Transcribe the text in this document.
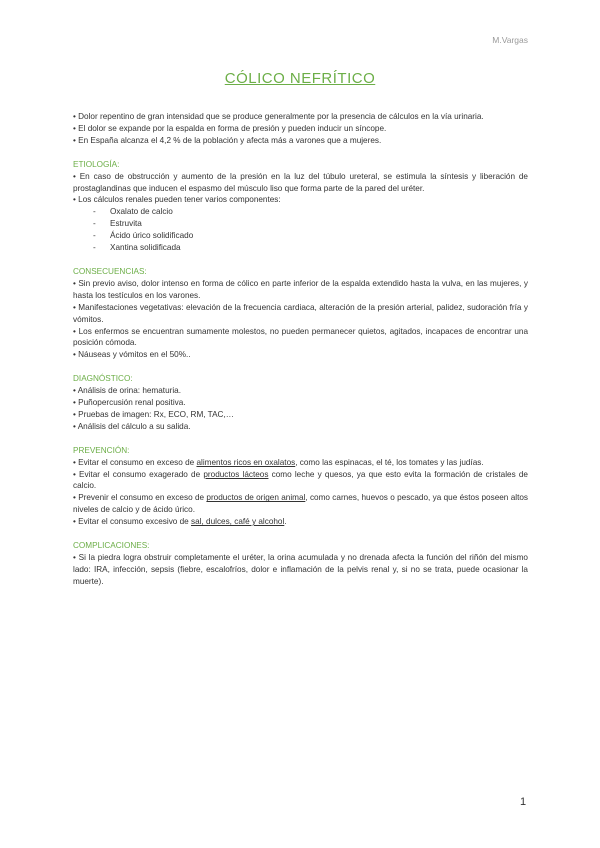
M.Vargas
CÓLICO NEFRÍTICO

• Dolor repentino de gran intensidad que se produce generalmente por la presencia de cálculos en la vía urinaria.

• El dolor se expande por la espalda en forma de presión y pueden inducir un síncope.

• En España alcanza el 4,2 % de la población y afecta más a varones que a mujeres.

ETIOLOGÍA:

• En caso de obstrucción y aumento de la presión en la luz del túbulo ureteral, se estimula la síntesis y liberación de prostaglandinas que inducen el espasmo del músculo liso que forma parte de la pared del uréter.

• Los cálculos renales pueden tener varios componentes:

- Oxalato de calcio

- Estruvita

- Ácido úrico solidificado

- Xantina solidificada

CONSECUENCIAS:

• Sin previo aviso, dolor intenso en forma de cólico en parte inferior de la espalda extendido hasta la vulva, en las mujeres, y hasta los testículos en los varones.

• Manifestaciones vegetativas: elevación de la frecuencia cardiaca, alteración de la presión arterial, palidez, sudoración fría y vómitos.

• Los enfermos se encuentran sumamente molestos, no pueden permanecer quietos, agitados, incapaces de encontrar una posición cómoda.

• Náuseas y vómitos en el 50%..

DIAGNÓSTICO:

• Análisis de orina: hematuria.

• Puñopercusión renal positiva.

• Pruebas de imagen: Rx, ECO, RM, TAC,…

• Análisis del cálculo a su salida.

PREVENCIÓN:

• Evitar el consumo en exceso de alimentos ricos en oxalatos, como las espinacas, el té, los tomates y las judías.

• Evitar el consumo exagerado de productos lácteos como leche y quesos, ya que esto evita la formación de cristales de calcio.

• Prevenir el consumo en exceso de productos de origen animal, como carnes, huevos o pescado, ya que éstos poseen altos niveles de calcio y de ácido úrico.

• Evitar el consumo excesivo de sal, dulces, café y alcohol.

COMPLICACIONES:

• Si la piedra logra obstruir completamente el uréter, la orina acumulada y no drenada afecta la función del riñón del mismo lado: IRA, infección, sepsis (fiebre, escalofríos, dolor e inflamación de la pelvis renal y, si no se trata, puede ocasionar la muerte).

1
